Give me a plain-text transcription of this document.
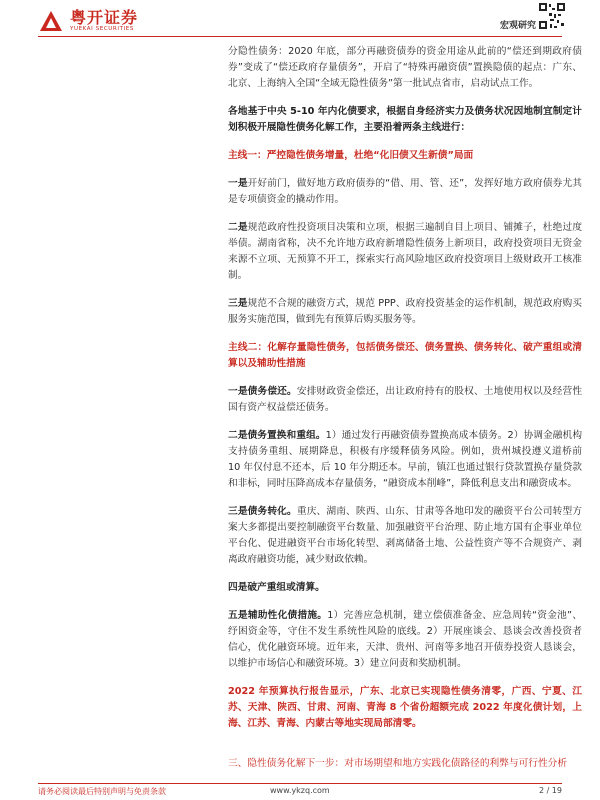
粤开证券
YUEKAI SECURITIES	宏观研究

分隐性债务：2020 年底，部分再融资债券的资金用途从此前的“偿还到期政府债券”变成了“偿还政府存量债务”，开启了“特殊再融资债”置换隐债的起点：广东、北京、上海纳入全国“全域无隐性债务”第一批试点省市，启动试点工作。

各地基于中央 5-10 年内化债要求，根据自身经济实力及债务状况因地制宜制定计划积极开展隐性债务化解工作，主要沿着两条主线进行：

主线一：严控隐性债务增量，杜绝“化旧债又生新债”局面

一是开好前门，做好地方政府债券的“借、用、管、还”，发挥好地方政府债券尤其是专项债资金的撬动作用。

二是规范政府性投资项目决策和立项，根据三遍制自目上项目、铺摊子，杜绝过度举债。湖南省称，决不允许地方政府新增隐性债务上新项目，政府投资项目无资金来源不立项、无预算不开工，探索实行高风险地区政府投资项目上级财政开工核准制。

三是规范不合规的融资方式，规范 PPP、政府投资基金的运作机制，规范政府购买服务实施范围，做到先有预算后购买服务等。

主线二：化解存量隐性债务，包括债务偿还、债务置换、债务转化、破产重组或清算以及辅助性措施

一是债务偿还。安排财政资金偿还，出让政府持有的股权、土地使用权以及经营性国有资产权益偿还债务。

二是债务置换和重组。1）通过发行再融资债券置换高成本债务。2）协调金融机构支持债务重组、展期降息，积极有序缓释债务风险。例如，贵州城投遵义道桥前 10 年仅付息不还本，后 10 年分期还本。早前，镇江也通过银行贷款置换存量贷款和非标，同时压降高成本存量债务，“融资成本削峰”，降低利息支出和融资成本。

三是债务转化。重庆、湖南、陕西、山东、甘肃等各地印发的融资平台公司转型方案大多都提出要控制融资平台数量、加强融资平台治理、防止地方国有企事业单位平台化、促进融资平台市场化转型、剥离储备土地、公益性资产等不合规资产、剥离政府融资功能，减少财政依赖。

四是破产重组或清算。

五是辅助性化债措施。1）完善应急机制，建立偿债准备金、应急周转“资金池”、纾困资金等，守住不发生系统性风险的底线。2）开展座谈会、恳谈会改善投资者信心，优化融资环境。近年来，天津、贵州、河南等多地召开债券投资人恳谈会，以维护市场信心和融资环境。3）建立问责和奖励机制。

2022 年预算执行报告显示，广东、北京已实现隐性债务清零，广西、宁夏、江苏、天津、陕西、甘肃、河南、青海 8 个省份超额完成 2022 年度化债计划，上海、江苏、青海、内蒙古等地实现局部清零。

三、隐性债务化解下一步：对市场期望和地方实践化债路径的利弊与可行性分析

请务必阅读最后特别声明与免责条款	www.ykzq.com	2 / 19
